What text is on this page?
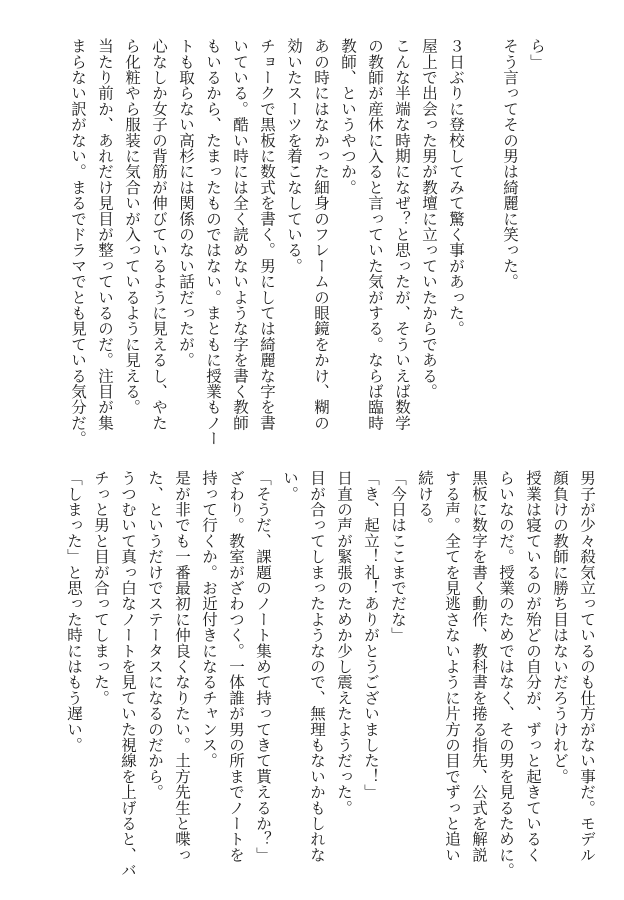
ら」
そう言ってその男は綺麗に笑った。
３日ぶりに登校してみて驚く事があった。
屋上で出会った男が教壇に立っていたからである。
こんな半端な時期になぜ？と思ったが、そういえば数学
の教師が産休に入ると言っていた気がする。ならば臨時
教師、というやつか。
あの時にはなかった細身のフレームの眼鏡をかけ、糊の
効いたスーツを着こなしている。
チョークで黒板に数式を書く。男にしては綺麗な字を書
いている。酷い時には全く読めないような字を書く教師
もいるから、たまったものではない。まともに授業もノー
トも取らない高杉には関係のない話だったが。
心なしか女子の背筋が伸びているように見えるし、やた
ら化粧やら服装に気合いが入っているように見える。
当たり前か、あれだけ見目が整っているのだ。注目が集
まらない訳がない。まるでドラマでとも見ている気分だ。
男子が少々殺気立っているのも仕方がない事だ。モデル
顔負けの教師に勝ち目はないだろうけれど。
授業は寝ているのが殆どの自分が、ずっと起きているく
らいなのだ。授業のためではなく、その男を見るために。
黒板に数字を書く動作、教科書を捲る指先、公式を解説
する声。全てを見逃さないように片方の目でずっと追い
続ける。
「今日はここまでだな」
「き、起立！礼！ありがとうございました！」
日直の声が緊張のためか少し震えたようだった。
目が合ってしまったようなので、無理もないかもしれな
い。
「そうだ、課題のノート集めて持ってきて貰えるか？」
ざわり。教室がざわつく。一体誰が男の所までノートを
持って行くか。お近付きになるチャンス。
是が非でも一番最初に仲良くなりたい。土方先生と喋っ
た、というだけでステータスになるのだから。
うつむいて真っ白なノートを見ていた視線を上げると、バ
チっと男と目が合ってしまった。
「しまった」と思った時にはもう遅い。
